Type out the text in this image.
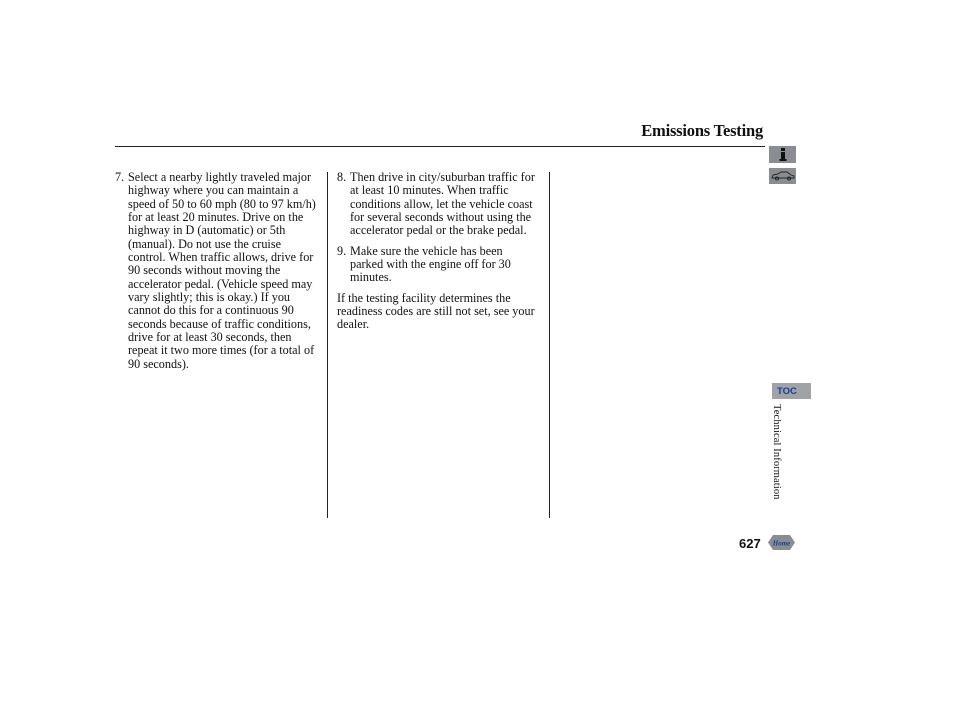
Emissions Testing
7. Select a nearby lightly traveled major highway where you can maintain a speed of 50 to 60 mph (80 to 97 km/h) for at least 20 minutes. Drive on the highway in D (automatic) or 5th (manual). Do not use the cruise control. When traffic allows, drive for 90 seconds without moving the accelerator pedal. (Vehicle speed may vary slightly; this is okay.) If you cannot do this for a continuous 90 seconds because of traffic conditions, drive for at least 30 seconds, then repeat it two more times (for a total of 90 seconds).
8. Then drive in city/suburban traffic for at least 10 minutes. When traffic conditions allow, let the vehicle coast for several seconds without using the accelerator pedal or the brake pedal.
9. Make sure the vehicle has been parked with the engine off for 30 minutes.

If the testing facility determines the readiness codes are still not set, see your dealer.

TOC
Technical Information
627 Home
